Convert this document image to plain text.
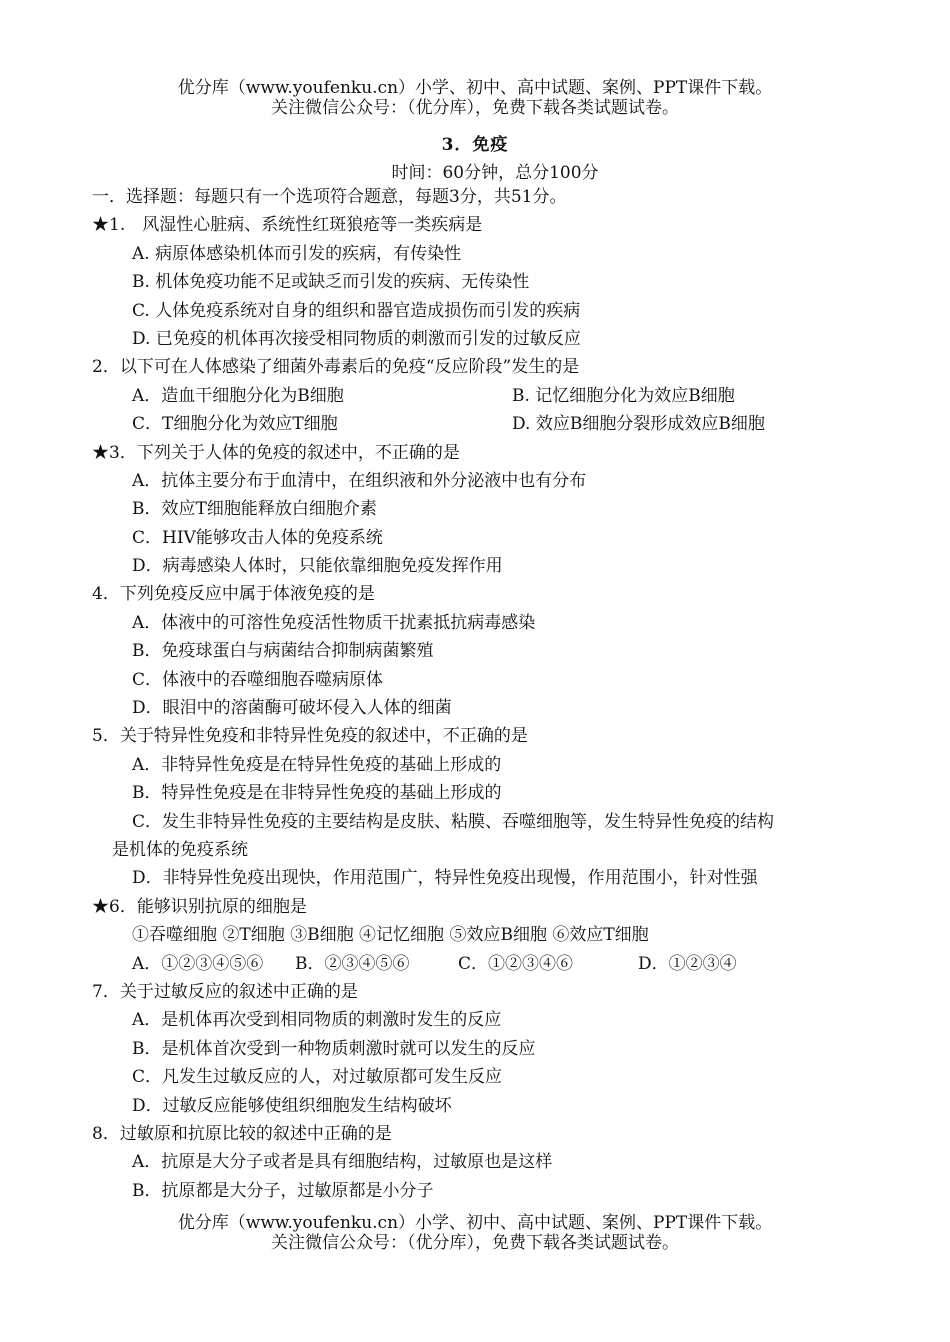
优分库（www.youfenku.cn）小学、初中、高中试题、案例、PPT课件下载。
关注微信公众号：（优分库），免费下载各类试题试卷。
3．免疫
时间：60分钟，总分100分
一．选择题：每题只有一个选项符合题意，每题3分，共51分。
★1.　风湿性心脏病、系统性红斑狼疮等一类疾病是
A. 病原体感染机体而引发的疾病，有传染性
B. 机体免疫功能不足或缺乏而引发的疾病、无传染性
C. 人体免疫系统对自身的组织和器官造成损伤而引发的疾病
D. 已免疫的机体再次接受相同物质的刺激而引发的过敏反应
2．以下可在人体感染了细菌外毒素后的免疫“反应阶段”发生的是
A．造血干细胞分化为B细胞	B. 记忆细胞分化为效应B细胞
C．T细胞分化为效应T细胞	D. 效应B细胞分裂形成效应B细胞
★3．下列关于人体的免疫的叙述中，不正确的是
A．抗体主要分布于血清中，在组织液和外分泌液中也有分布
B．效应T细胞能释放白细胞介素
C．HIV能够攻击人体的免疫系统
D．病毒感染人体时，只能依靠细胞免疫发挥作用
4．下列免疫反应中属于体液免疫的是
A．体液中的可溶性免疫活性物质干扰素抵抗病毒感染
B．免疫球蛋白与病菌结合抑制病菌繁殖
C．体液中的吞噬细胞吞噬病原体
D．眼泪中的溶菌酶可破坏侵入人体的细菌
5．关于特异性免疫和非特异性免疫的叙述中，不正确的是
A．非特异性免疫是在特异性免疫的基础上形成的
B．特异性免疫是在非特异性免疫的基础上形成的
C．发生非特异性免疫的主要结构是皮肤、粘膜、吞噬细胞等，发生特异性免疫的结构
是机体的免疫系统
D．非特异性免疫出现快，作用范围广，特异性免疫出现慢，作用范围小，针对性强
★6．能够识别抗原的细胞是
①吞噬细胞 ②T细胞 ③B细胞 ④记忆细胞 ⑤效应B细胞 ⑥效应T细胞
A．①②③④⑤⑥ B．②③④⑤⑥	C．①②③④⑥	D．①②③④
7．关于过敏反应的叙述中正确的是
A．是机体再次受到相同物质的刺激时发生的反应
B．是机体首次受到一种物质刺激时就可以发生的反应
C．凡发生过敏反应的人，对过敏原都可发生反应
D．过敏反应能够使组织细胞发生结构破坏
8．过敏原和抗原比较的叙述中正确的是
A．抗原是大分子或者是具有细胞结构，过敏原也是这样
B．抗原都是大分子，过敏原都是小分子
优分库（www.youfenku.cn）小学、初中、高中试题、案例、PPT课件下载。
关注微信公众号：（优分库），免费下载各类试题试卷。
